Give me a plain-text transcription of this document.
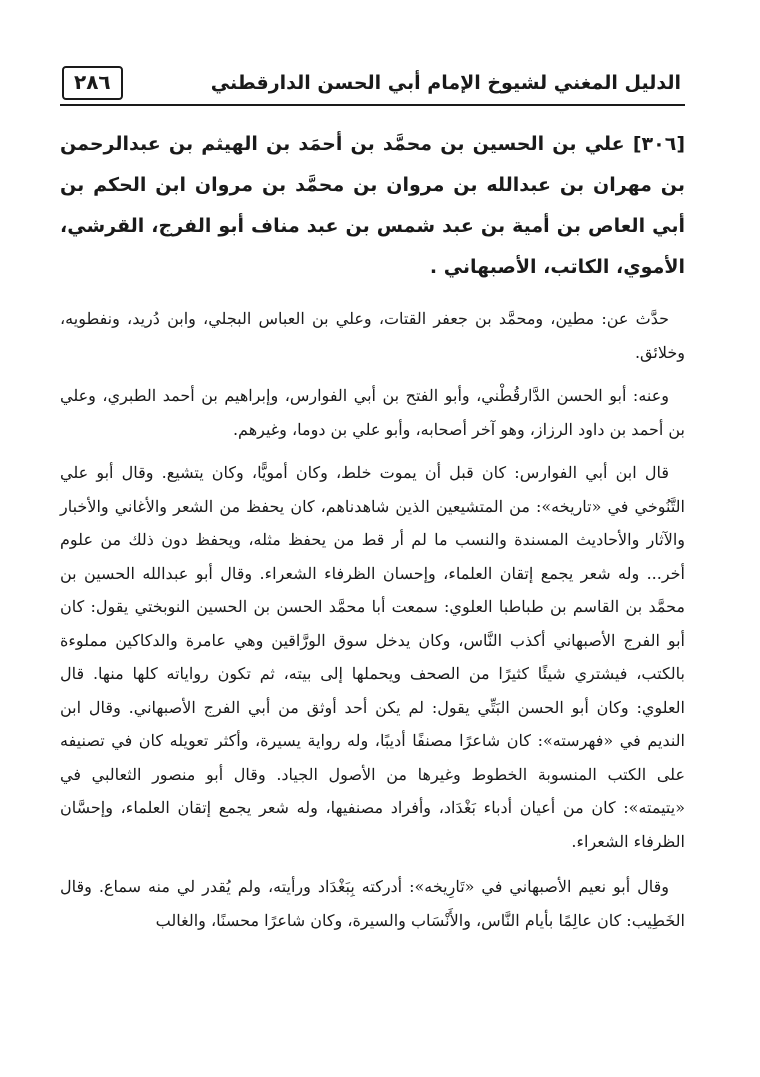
الدليل المغني لشيوخ الإمام أبي الحسن الدارقطني
٢٨٦
[٣٠٦] علي بن الحسين بن محمَّد بن أحمَد بن الهيثم بن عبدالرحمن بن مهران بن عبدالله بن مروان بن محمَّد بن مروان ابن الحكم بن أبي العاص بن أمية بن عبد شمس بن عبد مناف أبو الفرج، القرشي، الأموي، الكاتب، الأصبهاني .

حدَّث عن: مطين، ومحمَّد بن جعفر القتات، وعلي بن العباس البجلي، وابن دُريد، ونفطويه، وخلائق.

وعنه: أبو الحسن الدَّارقُطْني، وأبو الفتح بن أبي الفوارس، وإبراهيم بن أحمد الطبري، وعلي بن أحمد بن داود الرزاز، وهو آخر أصحابه، وأبو علي بن دوما، وغيرهم.

قال ابن أبي الفوارس: كان قبل أن يموت خلط، وكان أمويًّا، وكان يتشيع. وقال أبو علي التَّنُوخي في «تاريخه»: من المتشيعين الذين شاهدناهم، كان يحفظ من الشعر والأغاني والأخبار والآثار والأحاديث المسندة والنسب ما لم أر قط من يحفظ مثله، ويحفظ دون ذلك من علوم أخر... وله شعر يجمع إتقان العلماء، وإحسان الظرفاء الشعراء. وقال أبو عبدالله الحسين بن محمَّد بن القاسم بن طباطبا العلوي: سمعت أبا محمَّد الحسن بن الحسين النوبختي يقول: كان أبو الفرج الأصبهاني أكذب النَّاس، وكان يدخل سوق الورَّاقين وهي عامرة والدكاكين مملوءة بالكتب، فيشتري شيئًا كثيرًا من الصحف ويحملها إلى بيته، ثم تكون رواياته كلها منها. قال العلوي: وكان أبو الحسن البَتِّي يقول: لم يكن أحد أوثق من أبي الفرج الأصبهاني. وقال ابن النديم في «فهرسته»: كان شاعرًا مصنفًا أديبًا، وله رواية يسيرة، وأكثر تعويله كان في تصنيفه على الكتب المنسوبة الخطوط وغيرها من الأصول الجياد. وقال أبو منصور الثعالبي في «يتيمته»: كان من أعيان أدباء بَغْدَاد، وأفراد مصنفيها، وله شعر يجمع إتقان العلماء، وإحسَّان الظرفاء الشعراء.

وقال أبو نعيم الأصبهاني في «تَارِيخه»: أدركته بِبَغْدَاد ورأيته، ولم يُقدر لي منه سماع. وقال الخَطِيب: كان عالِمًا بأيام النَّاس، والأَنْسَاب والسيرة، وكان شاعرًا محسنًا، والغالب
